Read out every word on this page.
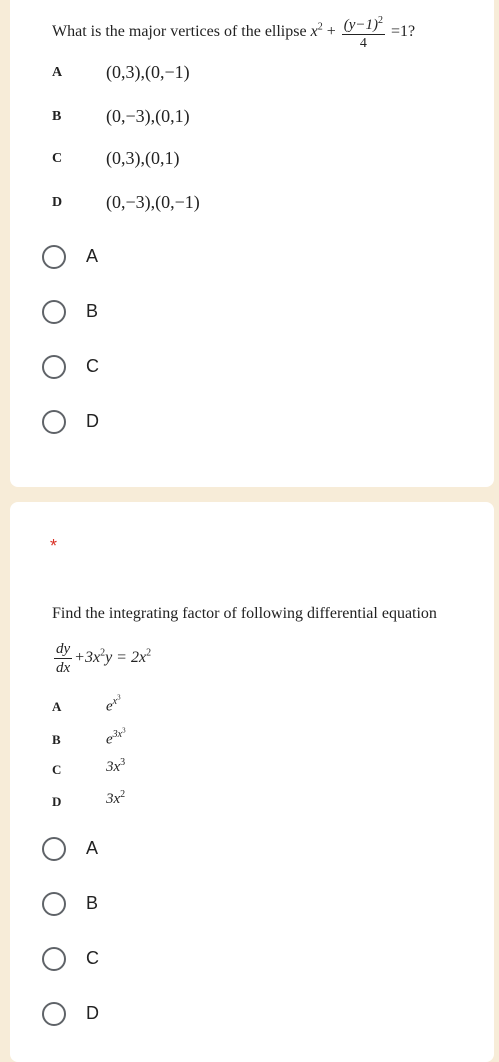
What is the major vertices of the ellipse $x^2 + \frac{(y-1)^2}{4} =1$?
A (0,3),(0,−1)
B (0,−3),(0,1)
C (0,3),(0,1)
D (0,−3),(0,−1)
A
B
C
D
*
Find the integrating factor of following differential equation
$\frac{dy}{dx} +3x^2y = 2x^2$
A	$e^{x^3}$
B	$e^{3x^3}$
C	$3x^3$
D	$3x^2$
A
B
C
D
